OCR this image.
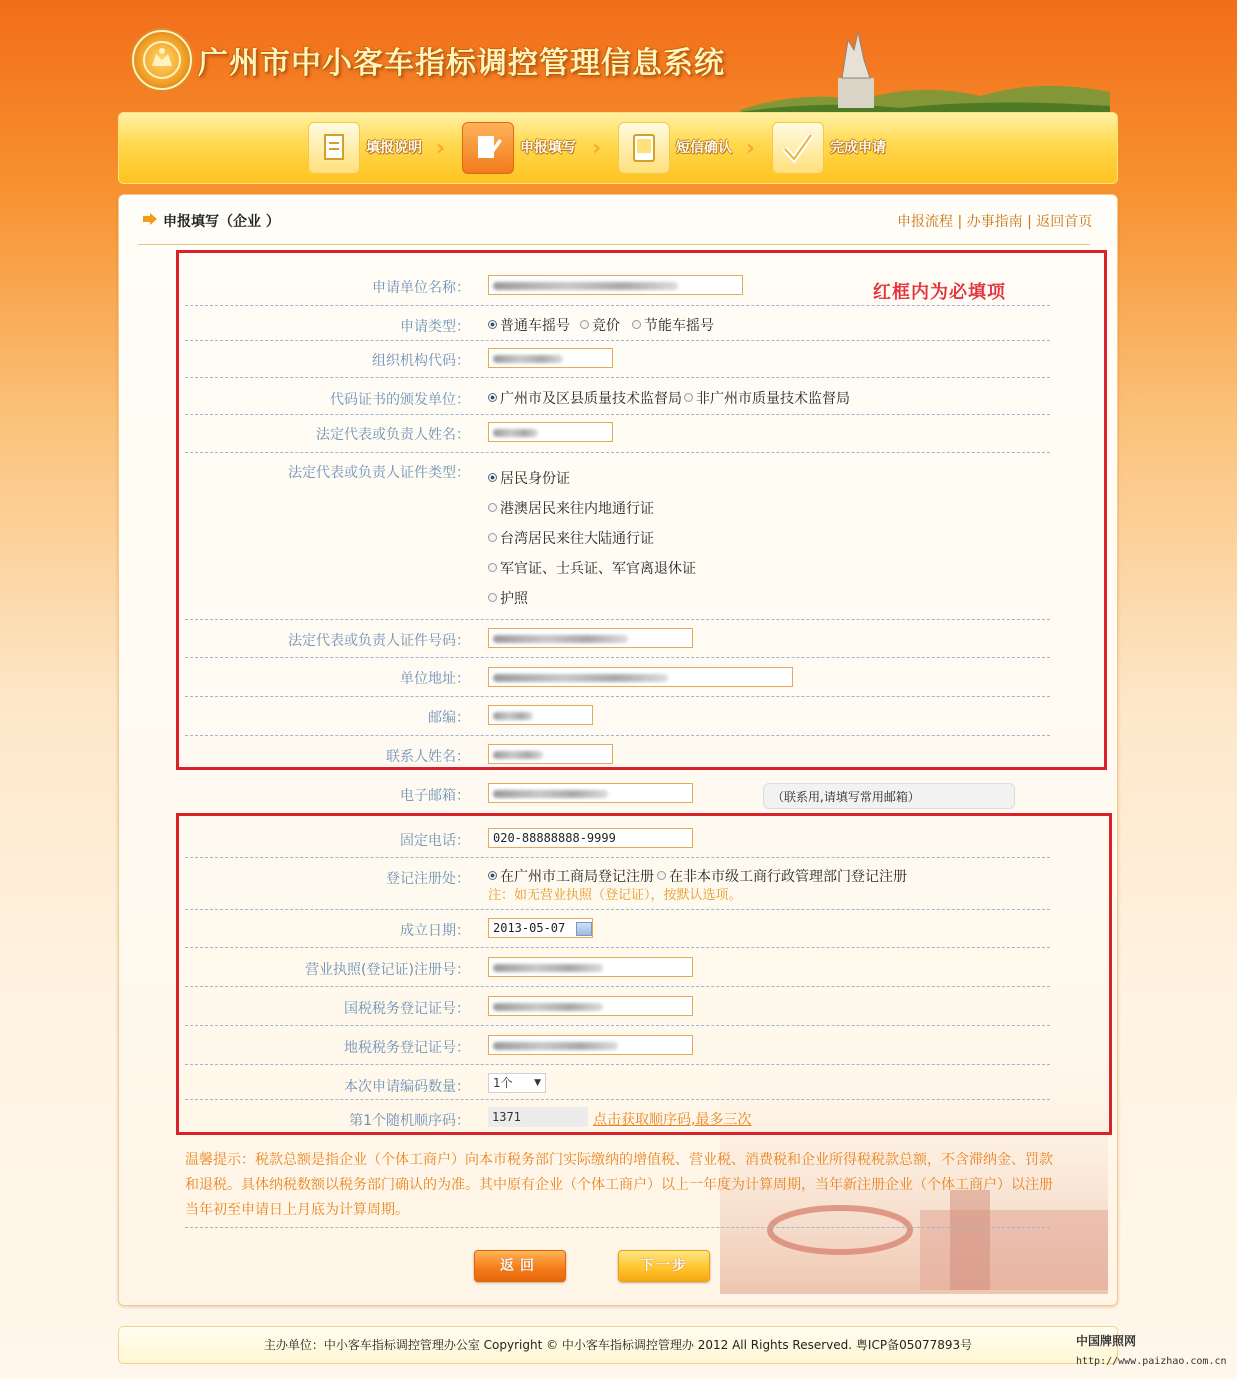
广州市中小客车指标调控管理信息系统
填报说明 ›	申报填写 ›	短信确认 ›	完成申请
申报填写（企业 ）	申报流程 | 办事指南 | 返回首页
红框内为必填项
申请单位名称：
申请类型：	普通车摇号	竞价	节能车摇号
组织机构代码：
代码证书的颁发单位：	广州市及区县质量技术监督局	非广州市质量技术监督局
法定代表或负责人姓名：
法定代表或负责人证件类型：	居民身份证
港澳居民来往内地通行证
台湾居民来往大陆通行证
军官证、士兵证、军官离退休证
护照
法定代表或负责人证件号码：
单位地址：
邮编：
联系人姓名：
电子邮箱：	（联系用,请填写常用邮箱）
固定电话：	020-88888888-9999
登记注册处：	在广州市工商局登记注册	在非本市级工商行政管理部门登记注册
注：如无营业执照（登记证），按默认选项。
成立日期：	2013-05-07
营业执照(登记证)注册号：
国税税务登记证号：
地税税务登记证号：
本次申请编码数量：	1个 ▼
第1个随机顺序码：	1371	点击获取顺序码,最多三次
温馨提示：税款总额是指企业（个体工商户）向本市税务部门实际缴纳的增值税、营业税、消费税和企业所得税税款总额，不含滞纳金、罚款和退税。具体纳税数额以税务部门确认的为准。其中原有企业（个体工商户）以上一年度为计算周期，当年新注册企业（个体工商户）以注册当年初至申请日上月底为计算周期。
返回	下一步
主办单位：中小客车指标调控管理办公室 Copyright © 中小客车指标调控管理办 2012 All Rights Reserved. 粤ICP备05077893号	中国牌照网
http://www.paizhao.com.cn
